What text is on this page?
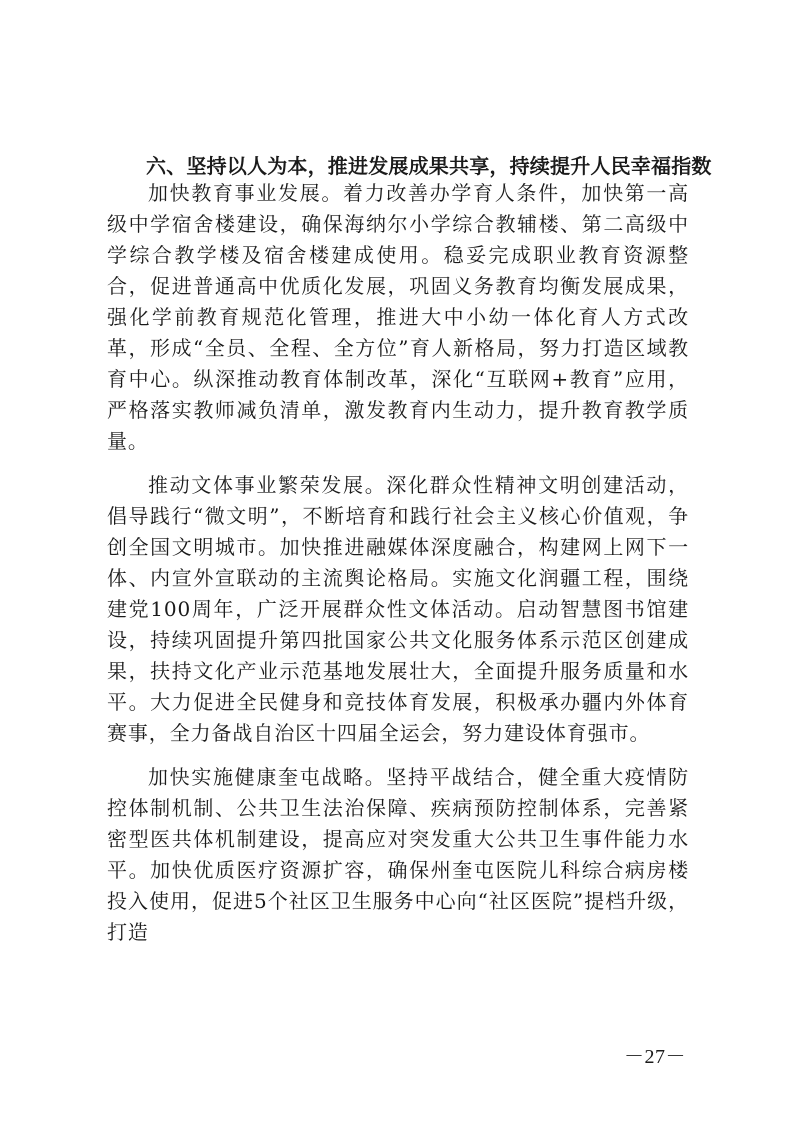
六、坚持以人为本，推进发展成果共享，持续提升人民幸福指数

加快教育事业发展。着力改善办学育人条件，加快第一高级中学宿舍楼建设，确保海纳尔小学综合教辅楼、第二高级中学综合教学楼及宿舍楼建成使用。稳妥完成职业教育资源整合，促进普通高中优质化发展，巩固义务教育均衡发展成果，强化学前教育规范化管理，推进大中小幼一体化育人方式改革，形成“全员、全程、全方位”育人新格局，努力打造区域教育中心。纵深推动教育体制改革，深化“互联网+教育”应用，严格落实教师减负清单，激发教育内生动力，提升教育教学质量。

推动文体事业繁荣发展。深化群众性精神文明创建活动，倡导践行“微文明”，不断培育和践行社会主义核心价值观，争创全国文明城市。加快推进融媒体深度融合，构建网上网下一体、内宣外宣联动的主流舆论格局。实施文化润疆工程，围绕建党100周年，广泛开展群众性文体活动。启动智慧图书馆建设，持续巩固提升第四批国家公共文化服务体系示范区创建成果，扶持文化产业示范基地发展壮大，全面提升服务质量和水平。大力促进全民健身和竞技体育发展，积极承办疆内外体育赛事，全力备战自治区十四届全运会，努力建设体育强市。

加快实施健康奎屯战略。坚持平战结合，健全重大疫情防控体制机制、公共卫生法治保障、疾病预防控制体系，完善紧密型医共体机制建设，提高应对突发重大公共卫生事件能力水平。加快优质医疗资源扩容，确保州奎屯医院儿科综合病房楼投入使用，促进5个社区卫生服务中心向“社区医院”提档升级，打造

－27－
